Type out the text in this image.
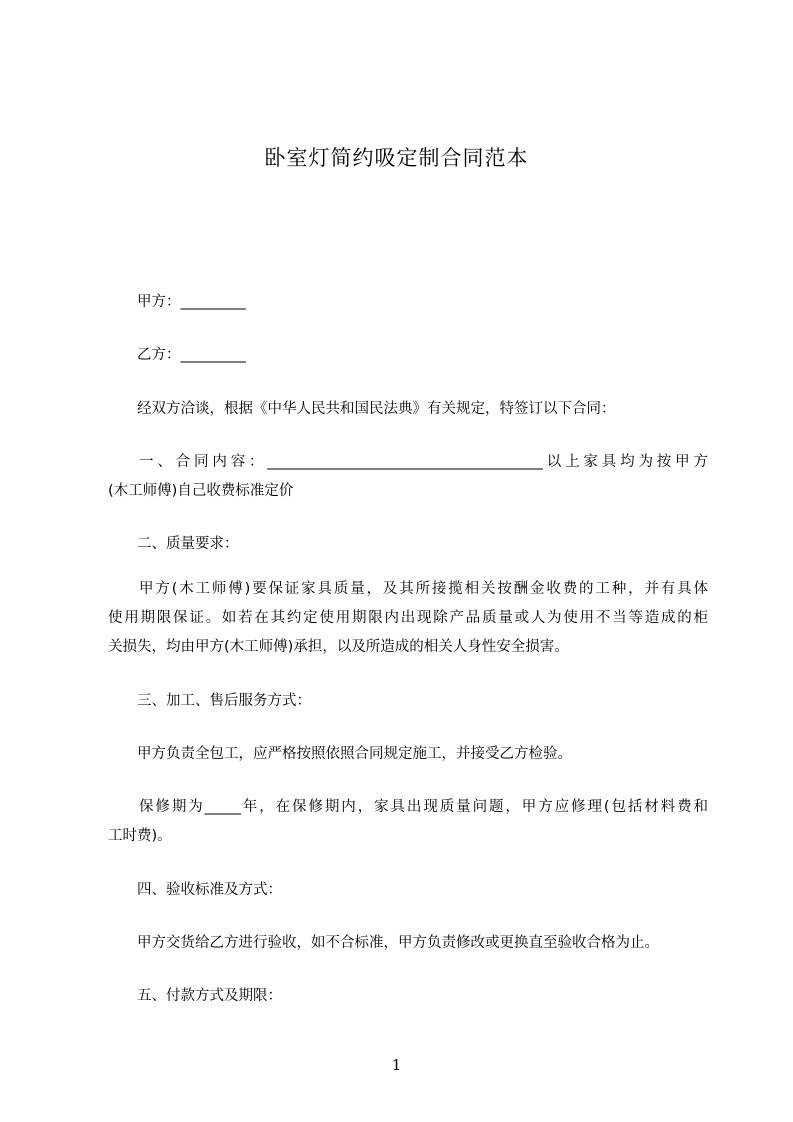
卧室灯简约吸定制合同范本
甲方：_________
乙方：_________
经双方洽谈，根据《中华人民共和国民法典》有关规定，特签订以下合同：
一、合同内容：______________________________________以上家具均为按甲方
(木工师傅)自己收费标准定价
二、质量要求：
甲方(木工师傅)要保证家具质量，及其所接揽相关按酬金收费的工种，并有具体
使用期限保证。如若在其约定使用期限内出现除产品质量或人为使用不当等造成的柜
关损失，均由甲方(木工师傅)承担，以及所造成的相关人身性安全损害。
三、加工、售后服务方式：
甲方负责全包工，应严格按照依照合同规定施工，并接受乙方检验。
保修期为_____年，在保修期内，家具出现质量问题，甲方应修理(包括材料费和
工时费)。
四、验收标准及方式：
甲方交货给乙方进行验收，如不合标准，甲方负责修改或更换直至验收合格为止。
五、付款方式及期限：
1
